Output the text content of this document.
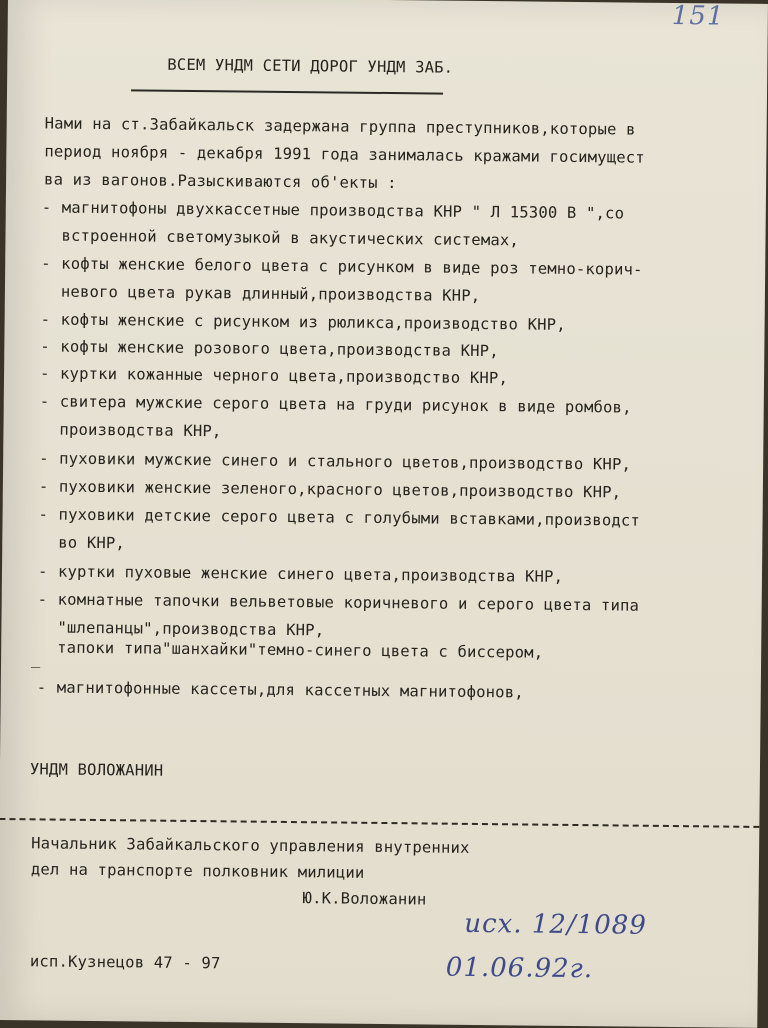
151
ВСЕМ УНДМ СЕТИ ДОРОГ УНДМ ЗАБ.
Нами на ст.Забайкальск задержана группа преступников,которые в
период ноября - декабря 1991 года занималась кражами госимущест
ва из вагонов.Разыскиваются об'екты :
- магнитофоны двухкассетные производства КНР " Л 15300 В ",со
встроенной светомузыкой в акустических системах,
- кофты женские белого цвета с рисунком в виде роз темно-корич-
невого цвета рукав длинный,производства КНР,
- кофты женские с рисунком из рюликса,производство КНР,
- кофты женские розового цвета,производства КНР,
- куртки кожанные черного цвета,производство КНР,
- свитера мужские серого цвета на груди рисунок в виде ромбов,
производства КНР,
- пуховики мужские синего и стального цветов,производство КНР,
- пуховики женские зеленого,красного цветов,производство КНР,
- пуховики детские серого цвета с голубыми вставками,производст
во КНР,
- куртки пуховые женские синего цвета,производства КНР,
- комнатные тапочки вельветовые коричневого и серого цвета типа
"шлепанцы",производства КНР,
_ тапоки типа"шанхайки"темно-синего цвета с биссером,
- магнитофонные кассеты,для кассетных магнитофонов,
УНДМ ВОЛОЖАНИН
Начальник Забайкальского управления внутренних
дел на транспорте полковник милиции
Ю.К.Воложанин
исп.Кузнецов 47 - 97
исх. 12/1089
01.06.92г.
